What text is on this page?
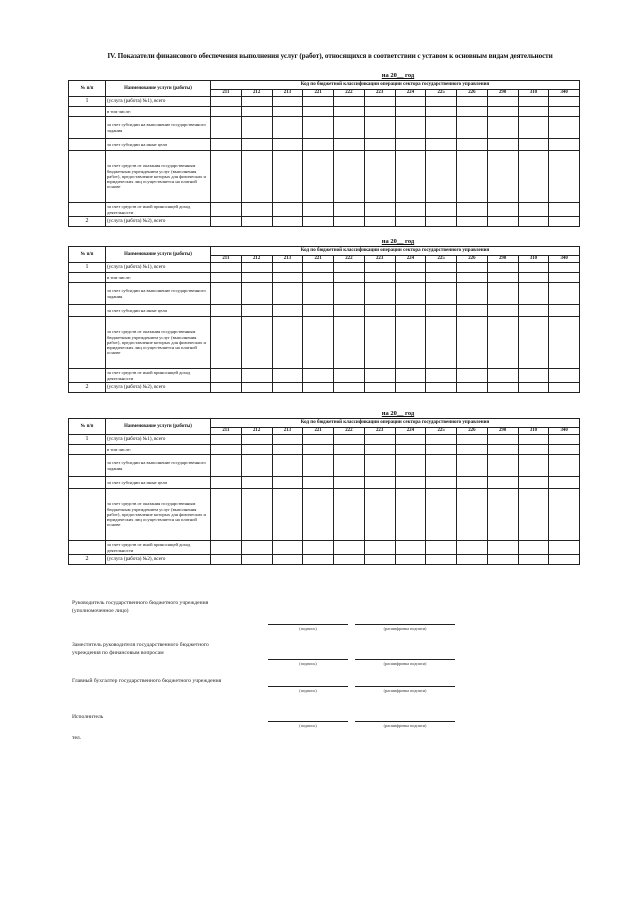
IV. Показатели финансового обеспечения выполнения услуг (работ), относящихся в соответствии с уставом к основным видам деятельности
на 20__ год
№ п/п	Наименование услуги (работы)	Код по бюджетной классификации операции сектора государственного управления											
		211	212	213	221	222	223	224	225	226	290	310	340
1	(услуга (работа) №1), всего												
	в том числе:												
	за счет субсидии на выполнение государственного задания												
	за счет субсидии на иные цели												
	за счет средств от оказания государственным бюджетным учреждением услуг (выполнения работ), предоставление которых для физических и юридических лиц осуществляется на платной основе												
	за счет средств от иной приносящей доход деятельности												
2	(услуга (работа) №2), всего												
на 20__ год
№ п/п	Наименование услуги (работы)	Код по бюджетной классификации операции сектора государственного управления											
		211	212	213	221	222	223	224	225	226	290	310	340
1	(услуга (работа) №1), всего												
	в том числе:												
	за счет субсидии на выполнение государственного задания												
	за счет субсидии на иные цели												
	за счет средств от оказания государственным бюджетным учреждением услуг (выполнения работ), предоставление которых для физических и юридических лиц осуществляется на платной основе												
	за счет средств от иной приносящей доход деятельности												
2	(услуга (работа) №2), всего												
на 20__ год
№ п/п	Наименование услуги (работы)	Код по бюджетной классификации операции сектора государственного управления											
		211	212	213	221	222	223	224	225	226	290	310	340
1	(услуга (работа) №1), всего												
	в том числе:												
	за счет субсидии на выполнение государственного задания												
	за счет субсидии на иные цели												
	за счет средств от оказания государственным бюджетным учреждением услуг (выполнения работ), предоставление которых для физических и юридических лиц осуществляется на платной основе												
	за счет средств от иной приносящей доход деятельности												
2	(услуга (работа) №2), всего												
Руководитель государственного бюджетного учреждения (уполномоченное лицо)
(подпись)	(расшифровка подписи)
Заместитель руководителя государственного бюджетного учреждения по финансовым вопросам
(подпись)	(расшифровка подписи)
Главный бухгалтер государственного бюджетного учреждения
(подпись)	(расшифровка подписи)
Исполнитель
(подпись)	(расшифровка подписи)
тел.
